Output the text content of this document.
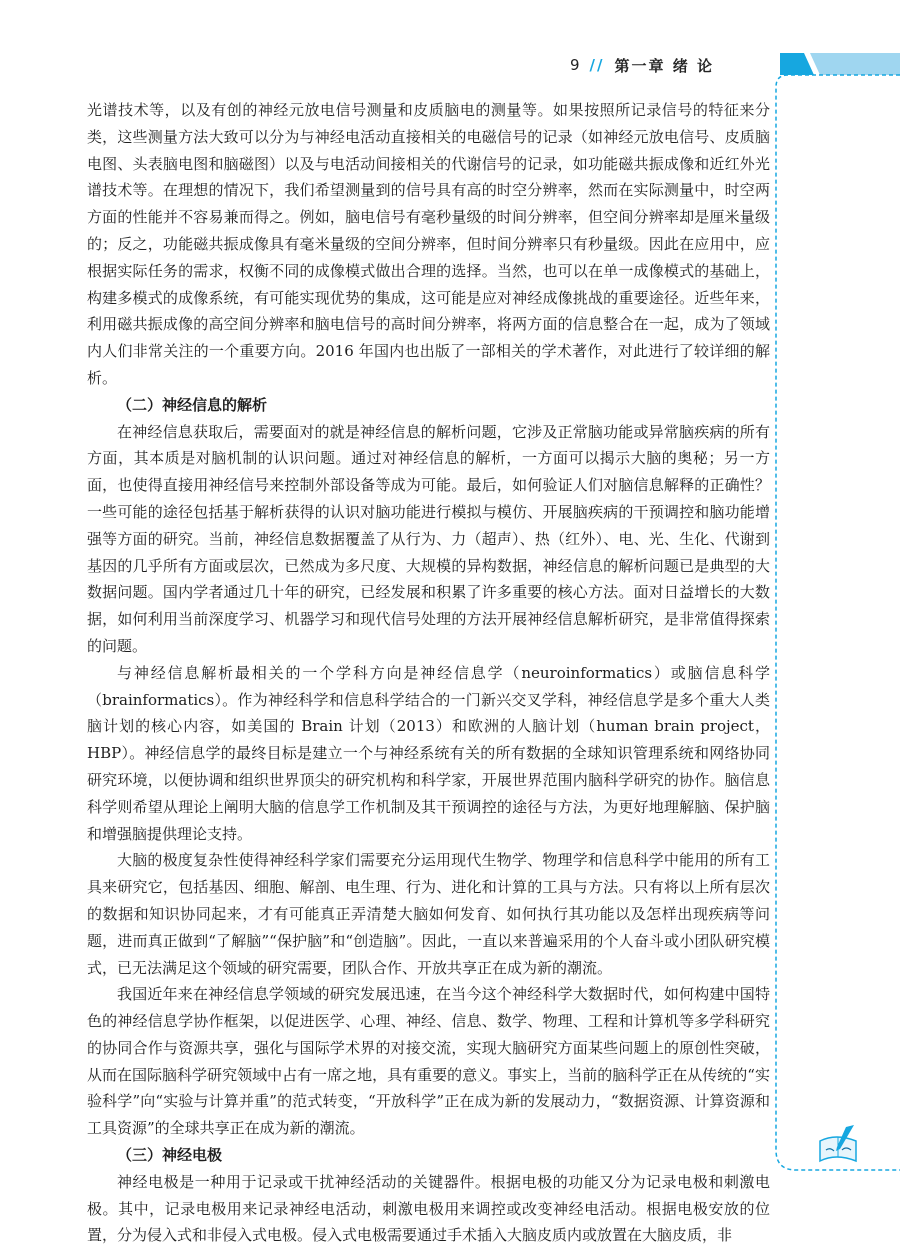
9 // 第一章 绪 论

光谱技术等，以及有创的神经元放电信号测量和皮质脑电的测量等。如果按照所记录信号的特征来分类，这些测量方法大致可以分为与神经电活动直接相关的电磁信号的记录（如神经元放电信号、皮质脑电图、头表脑电图和脑磁图）以及与电活动间接相关的代谢信号的记录，如功能磁共振成像和近红外光谱技术等。在理想的情况下，我们希望测量到的信号具有高的时空分辨率，然而在实际测量中，时空两方面的性能并不容易兼而得之。例如，脑电信号有毫秒量级的时间分辨率，但空间分辨率却是厘米量级的；反之，功能磁共振成像具有毫米量级的空间分辨率，但时间分辨率只有秒量级。因此在应用中，应根据实际任务的需求，权衡不同的成像模式做出合理的选择。当然，也可以在单一成像模式的基础上，构建多模式的成像系统，有可能实现优势的集成，这可能是应对神经成像挑战的重要途径。近些年来，利用磁共振成像的高空间分辨率和脑电信号的高时间分辨率，将两方面的信息整合在一起，成为了领域内人们非常关注的一个重要方向。2016 年国内也出版了一部相关的学术著作，对此进行了较详细的解析。

（二）神经信息的解析

在神经信息获取后，需要面对的就是神经信息的解析问题，它涉及正常脑功能或异常脑疾病的所有方面，其本质是对脑机制的认识问题。通过对神经信息的解析，一方面可以揭示大脑的奥秘；另一方面，也使得直接用神经信号来控制外部设备等成为可能。最后，如何验证人们对脑信息解释的正确性？一些可能的途径包括基于解析获得的认识对脑功能进行模拟与模仿、开展脑疾病的干预调控和脑功能增强等方面的研究。当前，神经信息数据覆盖了从行为、力（超声）、热（红外）、电、光、生化、代谢到基因的几乎所有方面或层次，已然成为多尺度、大规模的异构数据，神经信息的解析问题已是典型的大数据问题。国内学者通过几十年的研究，已经发展和积累了许多重要的核心方法。面对日益增长的大数据，如何利用当前深度学习、机器学习和现代信号处理的方法开展神经信息解析研究，是非常值得探索的问题。

与神经信息解析最相关的一个学科方向是神经信息学（neuroinformatics）或脑信息科学（brainformatics）。作为神经科学和信息科学结合的一门新兴交叉学科，神经信息学是多个重大人类脑计划的核心内容，如美国的 Brain 计划（2013）和欧洲的人脑计划（human brain project，HBP）。神经信息学的最终目标是建立一个与神经系统有关的所有数据的全球知识管理系统和网络协同研究环境，以便协调和组织世界顶尖的研究机构和科学家，开展世界范围内脑科学研究的协作。脑信息科学则希望从理论上阐明大脑的信息学工作机制及其干预调控的途径与方法，为更好地理解脑、保护脑和增强脑提供理论支持。

大脑的极度复杂性使得神经科学家们需要充分运用现代生物学、物理学和信息科学中能用的所有工具来研究它，包括基因、细胞、解剖、电生理、行为、进化和计算的工具与方法。只有将以上所有层次的数据和知识协同起来，才有可能真正弄清楚大脑如何发育、如何执行其功能以及怎样出现疾病等问题，进而真正做到“了解脑”“保护脑”和“创造脑”。因此，一直以来普遍采用的个人奋斗或小团队研究模式，已无法满足这个领域的研究需要，团队合作、开放共享正在成为新的潮流。

我国近年来在神经信息学领域的研究发展迅速，在当今这个神经科学大数据时代，如何构建中国特色的神经信息学协作框架，以促进医学、心理、神经、信息、数学、物理、工程和计算机等多学科研究的协同合作与资源共享，强化与国际学术界的对接交流，实现大脑研究方面某些问题上的原创性突破，从而在国际脑科学研究领域中占有一席之地，具有重要的意义。事实上，当前的脑科学正在从传统的“实验科学”向“实验与计算并重”的范式转变，“开放科学”正在成为新的发展动力，“数据资源、计算资源和工具资源”的全球共享正在成为新的潮流。

（三）神经电极

神经电极是一种用于记录或干扰神经活动的关键器件。根据电极的功能又分为记录电极和刺激电极。其中，记录电极用来记录神经电活动，刺激电极用来调控或改变神经电活动。根据电极安放的位置，分为侵入式和非侵入式电极。侵入式电极需要通过手术插入大脑皮质内或放置在大脑皮质，非
